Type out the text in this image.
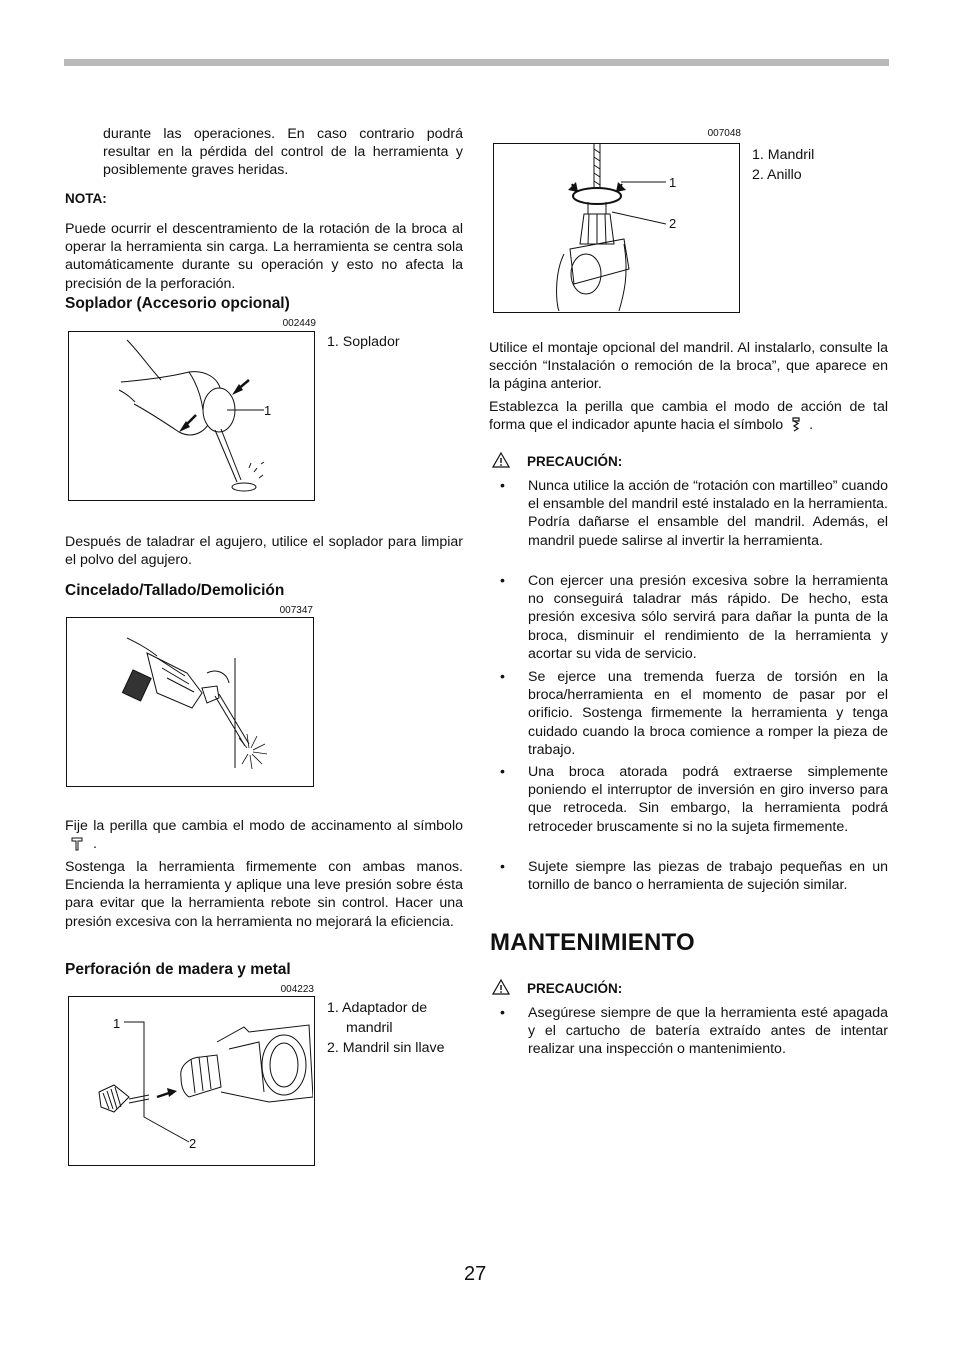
durante las operaciones. En caso contrario podrá resultar en la pérdida del control de la herramienta y posiblemente graves heridas.

NOTA:

Puede ocurrir el descentramiento de la rotación de la broca al operar la herramienta sin carga. La herramienta se centra sola automáticamente durante su operación y esto no afecta la precisión de la perforación.

Soplador (Accesorio opcional)
002449
1
1. Soplador

Después de taladrar el agujero, utilice el soplador para limpiar el polvo del agujero.

Cincelado/Tallado/Demolición
007347

Fije la perilla que cambia el modo de accinamento al símbolo
.

Sostenga la herramienta firmemente con ambas manos. Encienda la herramienta y aplique una leve presión sobre ésta para evitar que la herramienta rebote sin control. Hacer una presión excesiva con la herramienta no mejorará la eficiencia.

Perforación de madera y metal
004223
1
2
1. Adaptador de
mandril
2. Mandril sin llave
007048
1
2
1. Mandril
2. Anillo

Utilice el montaje opcional del mandril. Al instalarlo, consulte la sección “Instalación o remoción de la broca”, que aparece en la página anterior.

Establezca la perilla que cambia el modo de acción de tal forma que el indicador apunte hacia el símbolo .

PRECAUCIÓN:
• Nunca utilice la acción de “rotación con martilleo” cuando el ensamble del mandril esté instalado en la herramienta. Podría dañarse el ensamble del mandril. Además, el mandril puede salirse al invertir la herramienta.
• Con ejercer una presión excesiva sobre la herramienta no conseguirá taladrar más rápido. De hecho, esta presión excesiva sólo servirá para dañar la punta de la broca, disminuir el rendimiento de la herramienta y acortar su vida de servicio.
• Se ejerce una tremenda fuerza de torsión en la broca/herramienta en el momento de pasar por el orificio. Sostenga firmemente la herramienta y tenga cuidado cuando la broca comience a romper la pieza de trabajo.
• Una broca atorada podrá extraerse simplemente poniendo el interruptor de inversión en giro inverso para que retroceda. Sin embargo, la herramienta podrá retroceder bruscamente si no la sujeta firmemente.
• Sujete siempre las piezas de trabajo pequeñas en un tornillo de banco o herramienta de sujeción similar.
MANTENIMIENTO
PRECAUCIÓN:
• Asegúrese siempre de que la herramienta esté apagada y el cartucho de batería extraído antes de intentar realizar una inspección o mantenimiento.
27
